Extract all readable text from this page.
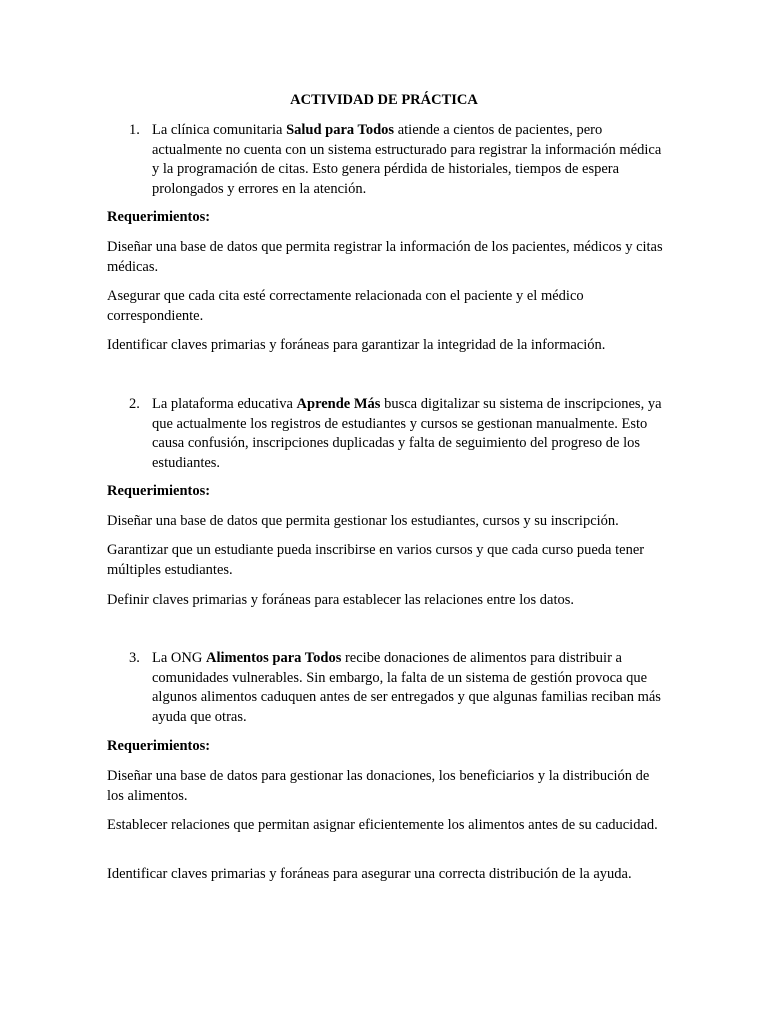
ACTIVIDAD DE PRÁCTICA
1. La clínica comunitaria Salud para Todos atiende a cientos de pacientes, pero actualmente no cuenta con un sistema estructurado para registrar la información médica y la programación de citas. Esto genera pérdida de historiales, tiempos de espera prolongados y errores en la atención.

Requerimientos:

Diseñar una base de datos que permita registrar la información de los pacientes, médicos y citas médicas.

Asegurar que cada cita esté correctamente relacionada con el paciente y el médico correspondiente.

Identificar claves primarias y foráneas para garantizar la integridad de la información.

2. La plataforma educativa Aprende Más busca digitalizar su sistema de inscripciones, ya que actualmente los registros de estudiantes y cursos se gestionan manualmente. Esto causa confusión, inscripciones duplicadas y falta de seguimiento del progreso de los estudiantes.

Requerimientos:

Diseñar una base de datos que permita gestionar los estudiantes, cursos y su inscripción.

Garantizar que un estudiante pueda inscribirse en varios cursos y que cada curso pueda tener múltiples estudiantes.

Definir claves primarias y foráneas para establecer las relaciones entre los datos.

3. La ONG Alimentos para Todos recibe donaciones de alimentos para distribuir a comunidades vulnerables. Sin embargo, la falta de un sistema de gestión provoca que algunos alimentos caduquen antes de ser entregados y que algunas familias reciban más ayuda que otras.

Requerimientos:

Diseñar una base de datos para gestionar las donaciones, los beneficiarios y la distribución de los alimentos.

Establecer relaciones que permitan asignar eficientemente los alimentos antes de su caducidad.

Identificar claves primarias y foráneas para asegurar una correcta distribución de la ayuda.
